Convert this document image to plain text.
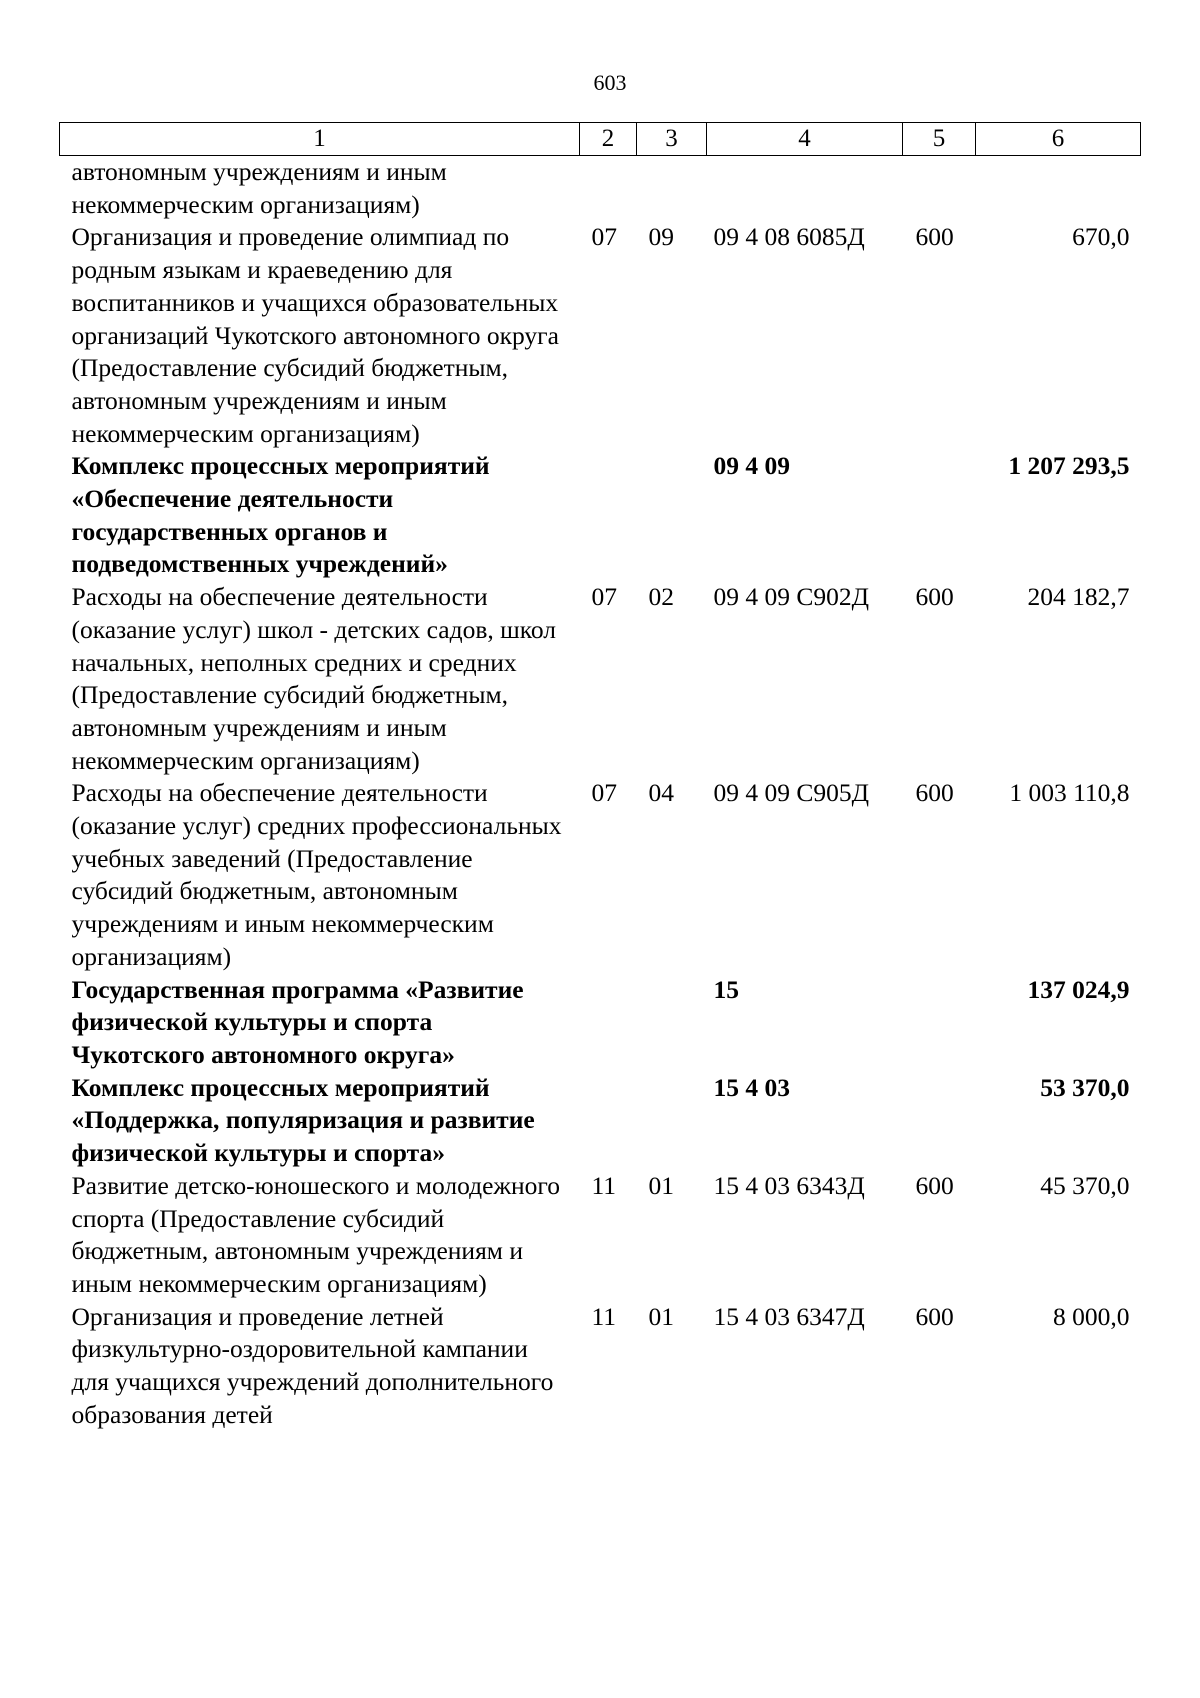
603
1	2	3	4	5	6
автономным учреждениям и иным некоммерческим организациям)					
Организация и проведение олимпиад по родным языкам и краеведению для воспитанников и учащихся образовательных организаций Чукотского автономного округа (Предоставление субсидий бюджетным, автономным учреждениям и иным некоммерческим организациям)	07	09	09 4 08 6085Д	600	670,0
Комплекс процессных мероприятий «Обеспечение деятельности государственных органов и подведомственных учреждений»			09 4 09		1 207 293,5
Расходы на обеспечение деятельности (оказание услуг) школ - детских садов, школ начальных, неполных средних и средних (Предоставление субсидий бюджетным, автономным учреждениям и иным некоммерческим организациям)	07	02	09 4 09 С902Д	600	204 182,7
Расходы на обеспечение деятельности (оказание услуг) средних профессиональных учебных заведений (Предоставление субсидий бюджетным, автономным учреждениям и иным некоммерческим организациям)	07	04	09 4 09 С905Д	600	1 003 110,8
Государственная программа «Развитие физической культуры и спорта Чукотского автономного округа»			15		137 024,9
Комплекс процессных мероприятий «Поддержка, популяризация и развитие физической культуры и спорта»			15 4 03		53 370,0
Развитие детско-юношеского и молодежного спорта (Предоставление субсидий бюджетным, автономным учреждениям и иным некоммерческим организациям)	11	01	15 4 03 6343Д	600	45 370,0
Организация и проведение летней физкультурно-оздоровительной кампании для учащихся учреждений дополнительного образования детей	11	01	15 4 03 6347Д	600	8 000,0
